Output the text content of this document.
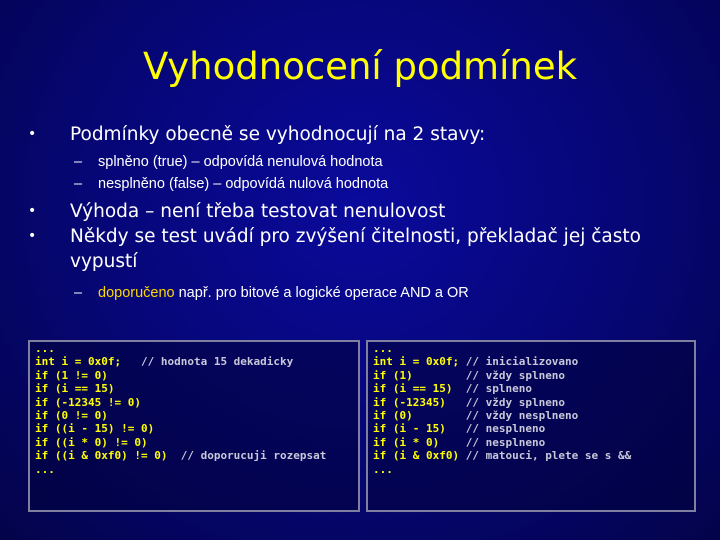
Vyhodnocení podmínek
•	Podmínky obecně se vyhodnocují na 2 stavy:
– splněno (true) – odpovídá nenulová hodnota
– nesplněno (false) – odpovídá nulová hodnota
•	Výhoda – není třeba testovat nenulovost
•	Někdy se test uvádí pro zvýšení čitelnosti, překladač jej často vypustí
– doporučeno např. pro bitové a logické operace AND a OR
...
int i = 0x0f;   // hodnota 15 dekadicky
if (1 != 0)
if (i == 15)
if (-12345 != 0)
if (0 != 0)
if ((i - 15) != 0)
if ((i * 0) != 0)
if ((i & 0xf0) != 0)  // doporucuji rozepsat
...
...
int i = 0x0f; // inicializovano
if (1)        // vždy splneno
if (i == 15)  // splneno
if (-12345)   // vždy splneno
if (0)        // vždy nesplneno
if (i - 15)   // nesplneno
if (i * 0)    // nesplneno
if (i & 0xf0) // matouci, plete se s &&
...
